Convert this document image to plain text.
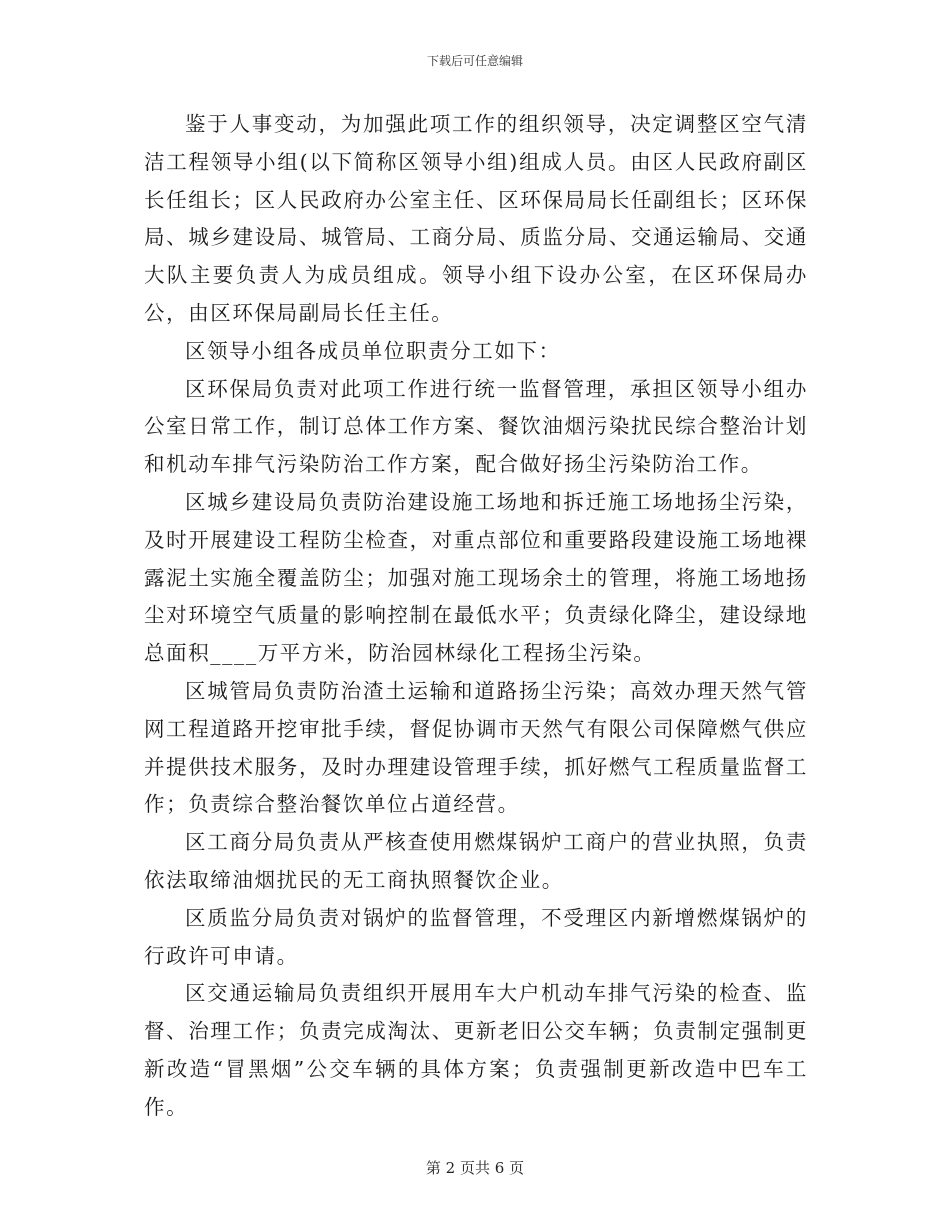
下载后可任意编辑

鉴于人事变动，为加强此项工作的组织领导，决定调整区空气清洁工程领导小组(以下简称区领导小组)组成人员。由区人民政府副区长任组长；区人民政府办公室主任、区环保局局长任副组长；区环保局、城乡建设局、城管局、工商分局、质监分局、交通运输局、交通大队主要负责人为成员组成。领导小组下设办公室，在区环保局办公，由区环保局副局长任主任。

区领导小组各成员单位职责分工如下：

区环保局负责对此项工作进行统一监督管理，承担区领导小组办公室日常工作，制订总体工作方案、餐饮油烟污染扰民综合整治计划和机动车排气污染防治工作方案，配合做好扬尘污染防治工作。

区城乡建设局负责防治建设施工场地和拆迁施工场地扬尘污染，及时开展建设工程防尘检查，对重点部位和重要路段建设施工场地裸露泥土实施全覆盖防尘；加强对施工现场余土的管理，将施工场地扬尘对环境空气质量的影响控制在最低水平；负责绿化降尘，建设绿地总面积____万平方米，防治园林绿化工程扬尘污染。

区城管局负责防治渣土运输和道路扬尘污染；高效办理天然气管网工程道路开挖审批手续，督促协调市天然气有限公司保障燃气供应并提供技术服务，及时办理建设管理手续，抓好燃气工程质量监督工作；负责综合整治餐饮单位占道经营。

区工商分局负责从严核查使用燃煤锅炉工商户的营业执照，负责依法取缔油烟扰民的无工商执照餐饮企业。

区质监分局负责对锅炉的监督管理，不受理区内新增燃煤锅炉的行政许可申请。

区交通运输局负责组织开展用车大户机动车排气污染的检查、监督、治理工作；负责完成淘汰、更新老旧公交车辆；负责制定强制更新改造“冒黑烟”公交车辆的具体方案；负责强制更新改造中巴车工作。

第 2 页共 6 页
